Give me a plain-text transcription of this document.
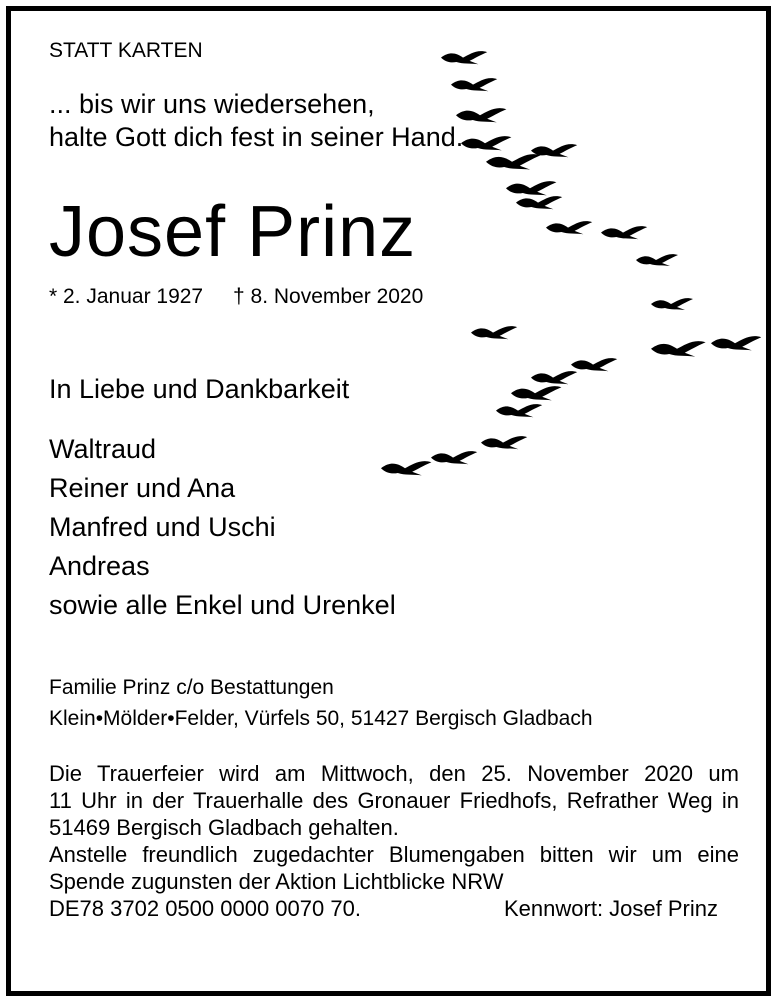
STATT KARTEN

... bis wir uns wiedersehen,

halte Gott dich fest in seiner Hand.

Josef Prinz

* 2. Januar 1927 † 8. November 2020

In Liebe und Dankbarkeit

Waltraud

Reiner und Ana

Manfred und Uschi

Andreas

sowie alle Enkel und Urenkel

Familie Prinz c/o Bestattungen

Klein•Mölder•Felder, Vürfels 50, 51427 Bergisch Gladbach

Die Trauerfeier wird am Mittwoch, den 25. November 2020 um

11 Uhr in der Trauerhalle des Gronauer Friedhofs, Refrather Weg in

51469 Bergisch Gladbach gehalten.

Anstelle freundlich zugedachter Blumengaben bitten wir um eine

Spende zugunsten der Aktion Lichtblicke NRW

DE78 3702 0500 0000 0070 70.	Kennwort: Josef Prinz
